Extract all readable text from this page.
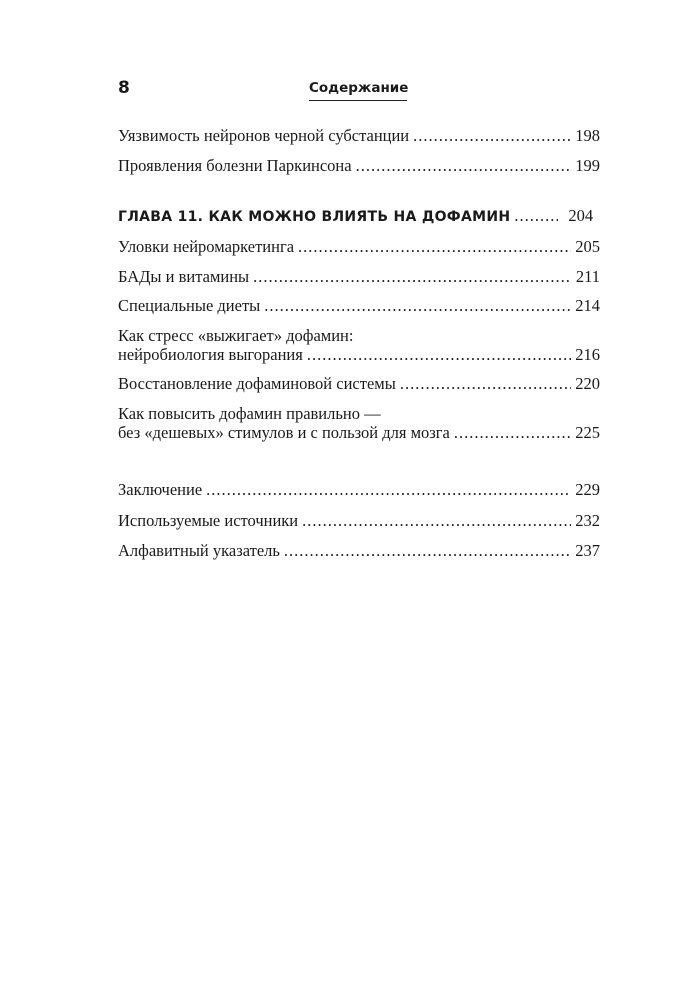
8	Содержание
Уязвимость нейронов черной субстанции .....	198
Проявления болезни Паркинсона .....	199
ГЛАВА 11. КАК МОЖНО ВЛИЯТЬ НА ДОФАМИН .....	204
Уловки нейромаркетинга .....	205
БАДы и витамины .....	211
Специальные диеты .....	214
Как стресс «выжигает» дофамин:
нейробиология выгорания .....	216
Восстановление дофаминовой системы .....	220
Как повысить дофамин правильно —
без «дешевых» стимулов и с пользой для мозга .....	225
Заключение .....	229
Используемые источники .....	232
Алфавитный указатель .....	237
